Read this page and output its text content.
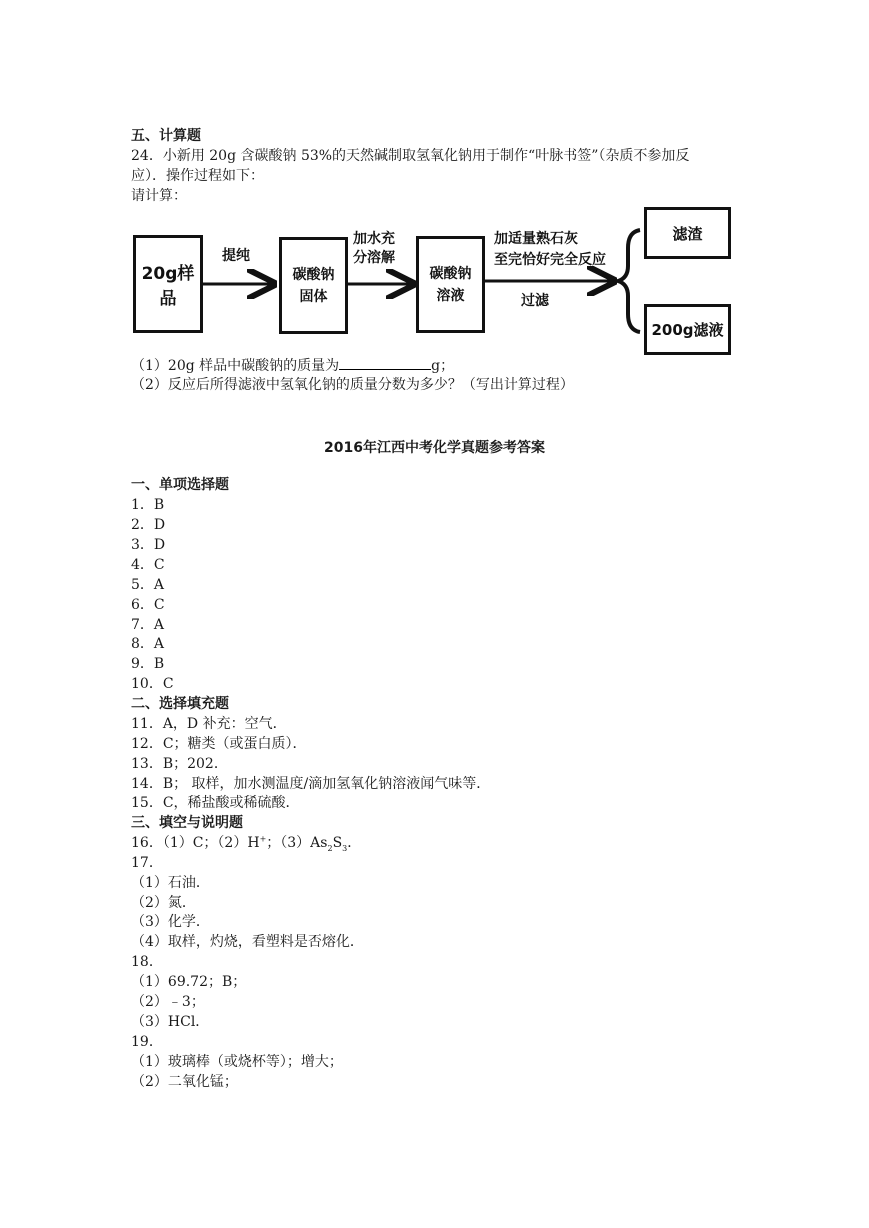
五、计算题
24．小新用 20g 含碳酸钠 53%的天然碱制取氢氧化钠用于制作“叶脉书签”（杂质不参加反
应）．操作过程如下：
请计算：
20g样品
提纯
碳酸钠
固体
加水充
分溶解
碳酸钠
溶液
加适量熟石灰
至完恰好完全反应
过滤
滤渣
200g滤液
（1）20g 样品中碳酸钠的质量为	g；
（2）反应后所得滤液中氢氧化钠的质量分数为多少？（写出计算过程）
2016年江西中考化学真题参考答案
一、单项选择题
1．B
2．D
3．D
4．C
5．A
6．C
7．A
8．A
9．B
10．C
二、选择填充题
11．A，D 补充：空气．
12．C；糖类（或蛋白质）．
13．B；202．
14．B； 取样，加水测温度/滴加氢氧化钠溶液闻气味等．
15．C，稀盐酸或稀硫酸．
三、填空与说明题
16．（1）C；（2）H+；$(3)As_2S_3$．
17．
（1）石油．
（2）氮．
（3）化学．
（4）取样，灼烧，看塑料是否熔化．
18．
（1）69.72；B；
（2）﹣3；
（3）HCl．
19．
（1）玻璃棒（或烧杯等）；增大；
（2）二氧化锰；
